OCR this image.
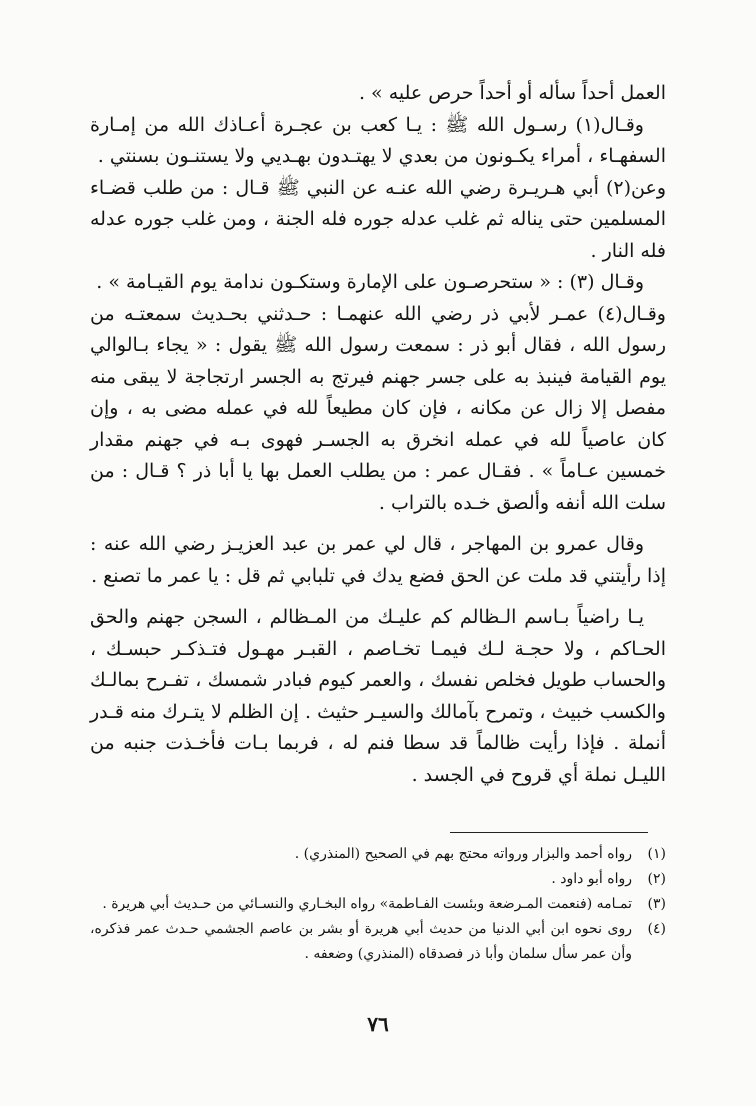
العمل أحداً سأله أو أحداً حرص عليه » .

وقـال(١) رسـول الله ﷺ : يـا كعب بن عجـرة أعـاذك الله من إمـارة السفهـاء ، أمراء يكـونون من بعدي لا يهتـدون بهـديي ولا يستنـون بسنتي .

وعن(٢) أبي هـريـرة رضي الله عنـه عن النبي ﷺ قـال : من طلب قضـاء المسلمين حتى يناله ثم غلب عدله جوره فله الجنة ، ومن غلب جوره عدله فله النار .

وقـال (٣) : « ستحرصـون على الإمارة وستكـون ندامة يوم القيـامة » .

وقـال(٤) عمـر لأبي ذر رضي الله عنهمـا : حـدثني بحـديث سمعتـه من رسول الله ، فقال أبو ذر : سمعت رسول الله ﷺ يقول : « يجاء بـالوالي يوم القيامة فينبذ به على جسر جهنم فيرتج به الجسر ارتجاجة لا يبقى منه مفصل إلا زال عن مكانه ، فإن كان مطيعاً لله في عمله مضى به ، وإن كان عاصياً لله في عمله انخرق به الجسـر فهوى بـه في جهنم مقدار خمسين عـاماً » . فقـال عمر : من يطلب العمل بها يا أبا ذر ؟ قـال : من سلت الله أنفه وألصق خـده بالتراب .

وقال عمرو بن المهاجر ، قال لي عمر بن عبد العزيـز رضي الله عنه : إذا رأيتني قد ملت عن الحق فضع يدك في تلبابي ثم قل : يا عمر ما تصنع .

يـا راضياً بـاسم الـظالم كم عليـك من المـظالم ، السجن جهنم والحق الحـاكم ، ولا حجـة لـك فيمـا تخـاصم ، القبـر مهـول فتـذكـر حبسـك ، والحساب طويل فخلص نفسك ، والعمر كيوم فبادر شمسك ، تفـرح بمالـك والكسب خبيث ، وتمرح بآمالك والسيـر حثيث . إن الظلم لا يتـرك منه قـدر أنملة . فإذا رأيت ظالماً قد سطا فنم له ، فربما بـات فأخـذت جنبه من الليـل نملة أي قروح في الجسد .

(١)
رواه أحمد والبزار ورواته محتج بهم في الصحيح (المنذري) .
(٢)
رواه أبو داود .
(٣)
تمـامه (فنعمت المـرضعة وبئست الفـاطمة» رواه البخـاري والنسـائي من حـديث أبي هريرة .
(٤)
روى نحوه ابن أبي الدنيا من حديث أبي هريرة أو بشر بن عاصم الجشمي حـدث عمر فذكره، وأن عمر سأل سلمان وأبا ذر فصدقاه (المنذري) وضعفه .
٧٦
